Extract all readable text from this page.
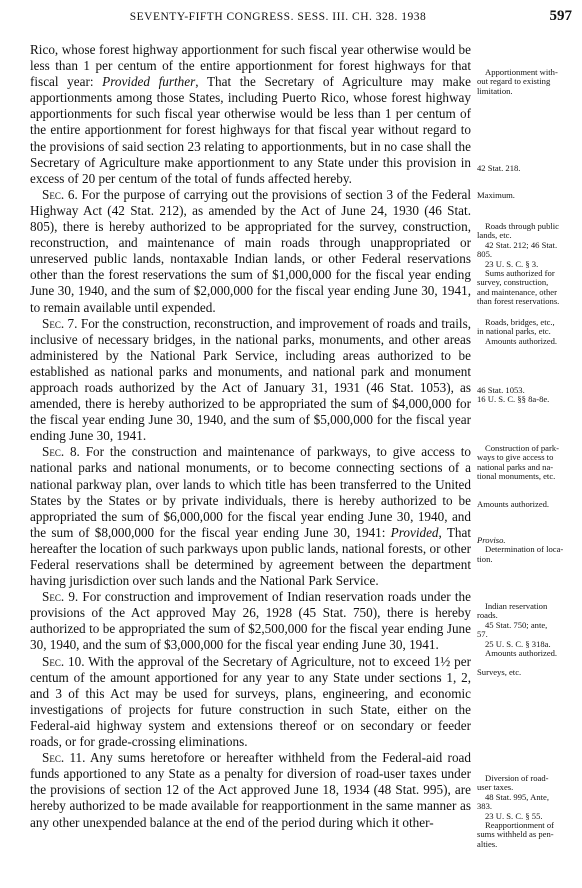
SEVENTY-FIFTH CONGRESS. SESS. III. CH. 328. 1938	597

Rico, whose forest highway apportionment for such fiscal year otherwise would be less than 1 per centum of the entire apportionment for forest highways for that fiscal year: Provided further, That the Secretary of Agriculture may make apportionments among those States, including Puerto Rico, whose forest highway apportionments for such fiscal year otherwise would be less than 1 per centum of the entire apportionment for forest highways for that fiscal year without regard to the provisions of said section 23 relating to apportionments, but in no case shall the Secretary of Agriculture make apportionment to any State under this provision in excess of 20 per centum of the total of funds affected hereby.

Sec. 6. For the purpose of carrying out the provisions of section 3 of the Federal Highway Act (42 Stat. 212), as amended by the Act of June 24, 1930 (46 Stat. 805), there is hereby authorized to be appropriated for the survey, construction, reconstruction, and maintenance of main roads through unappropriated or unreserved public lands, nontaxable Indian lands, or other Federal reservations other than the forest reservations the sum of $1,000,000 for the fiscal year ending June 30, 1940, and the sum of $2,000,000 for the fiscal year ending June 30, 1941, to remain available until expended.

Sec. 7. For the construction, reconstruction, and improvement of roads and trails, inclusive of necessary bridges, in the national parks, monuments, and other areas administered by the National Park Service, including areas authorized to be established as national parks and monuments, and national park and monument approach roads authorized by the Act of January 31, 1931 (46 Stat. 1053), as amended, there is hereby authorized to be appropriated the sum of $4,000,000 for the fiscal year ending June 30, 1940, and the sum of $5,000,000 for the fiscal year ending June 30, 1941.

Sec. 8. For the construction and maintenance of parkways, to give access to national parks and national monuments, or to become connecting sections of a national parkway plan, over lands to which title has been transferred to the United States by the States or by private individuals, there is hereby authorized to be appropriated the sum of $6,000,000 for the fiscal year ending June 30, 1940, and the sum of $8,000,000 for the fiscal year ending June 30, 1941: Provided, That hereafter the location of such parkways upon public lands, national forests, or other Federal reservations shall be determined by agreement between the department having jurisdiction over such lands and the National Park Service.

Sec. 9. For construction and improvement of Indian reservation roads under the provisions of the Act approved May 26, 1928 (45 Stat. 750), there is hereby authorized to be appropriated the sum of $2,500,000 for the fiscal year ending June 30, 1940, and the sum of $3,000,000 for the fiscal year ending June 30, 1941.

Sec. 10. With the approval of the Secretary of Agriculture, not to exceed 1½ per centum of the amount apportioned for any year to any State under sections 1, 2, and 3 of this Act may be used for surveys, plans, engineering, and economic investigations of projects for future construction in such State, either on the Federal-aid highway system and extensions thereof or on secondary or feeder roads, or for grade-crossing eliminations.

Sec. 11. Any sums heretofore or hereafter withheld from the Federal-aid road funds apportioned to any State as a penalty for diversion of road-user taxes under the provisions of section 12 of the Act approved June 18, 1934 (48 Stat. 995), are hereby authorized to be made available for reapportionment in the same manner as any other unexpended balance at the end of the period during which it other-

Apportionment with-
out regard to existing
limitation.
42 Stat. 218.
Maximum.
Roads through public
lands, etc.
42 Stat. 212; 46 Stat.
805.
23 U. S. C. § 3.
Sums authorized for
survey, construction,
and maintenance, other
than forest reservations.
Roads, bridges, etc.,
in national parks, etc.
Amounts authorized.
46 Stat. 1053.
16 U. S. C. §§ 8a-8e.
Construction of park-
ways to give access to
national parks and na-
tional monuments, etc.
Amounts authorized.
Proviso.
Determination of loca-
tion.
Indian reservation
roads.
45 Stat. 750; ante,
57.
25 U. S. C. § 318a.
Amounts authorized.
Surveys, etc.
Diversion of road-
user taxes.
48 Stat. 995, Ante,
383.
23 U. S. C. § 55.
Reapportionment of
sums withheld as pen-
alties.
